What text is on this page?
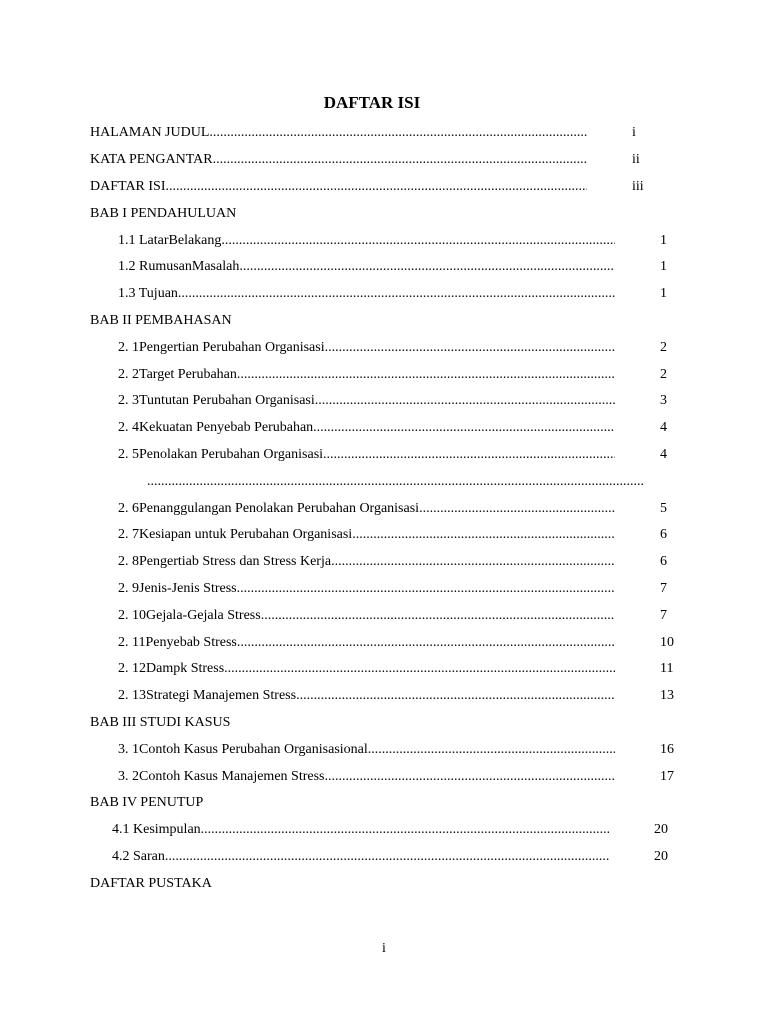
DAFTAR ISI
HALAMAN JUDUL .....	i
KATA PENGANTAR .....	ii
DAFTAR ISI .....	iii
BAB I PENDAHULUAN
1.1 LatarBelakang .....	1
1.2 RumusanMasalah .....	1
1.3 Tujuan .....	1
BAB II PEMBAHASAN
2. 1 Pengertian Perubahan Organisasi .....	2
2. 2 Target Perubahan .....	2
2. 3 Tuntutan Perubahan Organisasi .....	3
2. 4 Kekuatan Penyebab Perubahan .....	4
2. 5 Penolakan Perubahan Organisasi .....	4
.....
2. 6 Penanggulangan Penolakan Perubahan Organisasi .....	5
2. 7 Kesiapan untuk Perubahan Organisasi .....	6
2. 8 Pengertiab Stress dan Stress Kerja .....	6
2. 9 Jenis-Jenis Stress .....	7
2. 10 Gejala-Gejala Stress .....	7
2. 11 Penyebab Stress .....	10
2. 12 Dampk Stress .....	11
2. 13 Strategi Manajemen Stress .....	13
BAB III STUDI KASUS
3. 1 Contoh Kasus Perubahan Organisasional .....	16
3. 2 Contoh Kasus Manajemen Stress .....	17
BAB IV PENUTUP
4.1 Kesimpulan .....	20
4.2 Saran .....	20
DAFTAR PUSTAKA
i
